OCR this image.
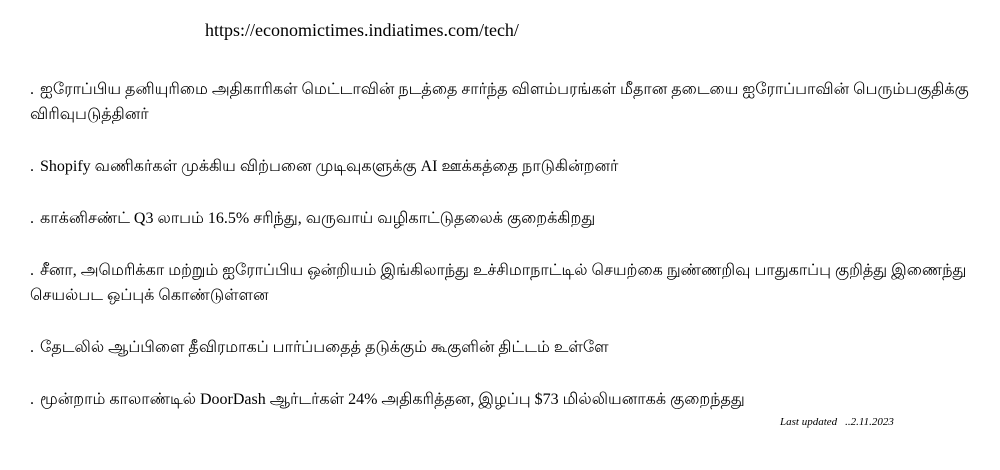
https://economictimes.indiatimes.com/tech/
. ஐரோப்பிய தனியுரிமை அதிகாரிகள் மெட்டாவின் நடத்தை சார்ந்த விளம்பரங்கள் மீதான தடையை ஐரோப்பாவின் பெரும்பகுதிக்கு விரிவுபடுத்தினர்
. Shopify வணிகர்கள் முக்கிய விற்பனை முடிவுகளுக்கு AI ஊக்கத்தை நாடுகின்றனர்
. காக்னிசண்ட் Q3 லாபம் 16.5% சரிந்து, வருவாய் வழிகாட்டுதலைக் குறைக்கிறது
. சீனா, அமெரிக்கா மற்றும் ஐரோப்பிய ஒன்றியம் இங்கிலாந்து உச்சிமாநாட்டில் செயற்கை நுண்ணறிவு பாதுகாப்பு குறித்து இணைந்து செயல்பட ஒப்புக் கொண்டுள்ளன
. தேடலில் ஆப்பிளை தீவிரமாகப் பார்ப்பதைத் தடுக்கும் கூகுளின் திட்டம் உள்ளே
. மூன்றாம் காலாண்டில் DoorDash ஆர்டர்கள் 24% அதிகரித்தன, இழப்பு $73 மில்லியனாகக் குறைந்தது
Last updated ..2.11.2023
